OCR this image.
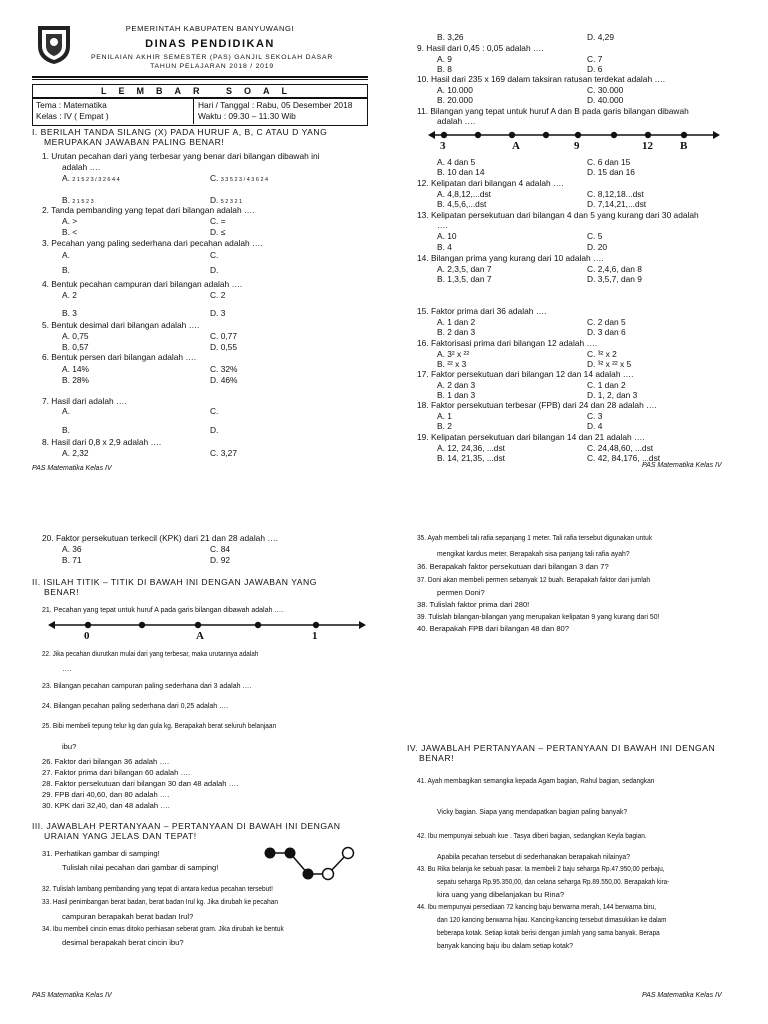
PEMERINTAH KABUPATEN BANYUWANGI
DINAS PENDIDIKAN
PENILAIAN AKHIR SEMESTER (PAS) GANJIL SEKOLAH DASAR
TAHUN PELAJARAN 2018 / 2019
LEMBAR SOAL
Tema : Matematika
Kelas : IV ( Empat )
Hari / Tanggal : Rabu, 05 Desember 2018
Waktu : 09.30 – 11.30 Wib
I. BERILAH TANDA SILANG (X) PADA HURUF A, B, C ATAU D YANG
MERUPAKAN JAWABAN PALING BENAR!
1. Urutan pecahan dari yang terbesar yang benar dari bilangan dibawah ini
adalah ….
A. 2 1 5 2 3 / 3 2 6 4 4
B. 2 1 5 2 3
C. 3 3 5 2 3 / 4 3 6 2 4
D. 5 2 3 2 1
2. Tanda pembanding yang tepat dari bilangan adalah ….
A. >
B. <
C. =
D. ≤
3. Pecahan yang paling sederhana dari pecahan adalah ….
A.
B.
C.
D.
4. Bentuk pecahan campuran dari bilangan adalah ….
A. 2
B. 3
C. 2
D. 3
5. Bentuk desimal dari bilangan adalah ….
A. 0,75
B. 0,57
C. 0,77
D. 0,55
6. Bentuk persen dari bilangan adalah ….
A. 14%
B. 28%
C. 32%
D. 46%
7. Hasil dari adalah ….
A.
B.
C.
D.
8. Hasil dari 0,8 x 2,9 adalah ….
A. 2,32	C. 3,27
PAS Matematika Kelas IV
B. 3,26	D. 4,29
9. Hasil dari 0,45 : 0,05 adalah ….
A. 9
B. 8
C. 7
D. 6
10. Hasil dari 235 x 169 dalam taksiran ratusan terdekat adalah ….
A. 10.000
B. 20.000
C. 30.000
D. 40.000
11. Bilangan yang tepat untuk huruf A dan B pada garis bilangan dibawah
adalah ….
3	A	9	12 B
A. 4 dan 5
B. 10 dan 14
C. 6 dan 15
D. 15 dan 16
12. Kelipatan dari bilangan 4 adalah ….
A. 4,8,12,...dst
B. 4,5,6,...dst
C. 8,12,18...dst
D. 7,14,21,...dst
13. Kelipatan persekutuan dari bilangan 4 dan 5 yang kurang dari 30 adalah
….
A. 10
B. 4
C. 5
D. 20
14. Bilangan prima yang kurang dari 10 adalah ….
A. 2,3,5, dan 7
B. 1,3,5, dan 7
C. 2,4,6, dan 8
D. 3,5,7, dan 9
15. Faktor prima dari 36 adalah ….
A. 1 dan 2
B. 2 dan 3
C. 2 dan 5
D. 3 dan 6
16. Faktorisasi prima dari bilangan 12 adalah ….
A. 3² x ²²
B. ²² x 3
C. ³² x 2
D. ³² x ²² x 5
17. Faktor persekutuan dari bilangan 12 dan 14 adalah ….
A. 2 dan 3
B. 1 dan 3
C. 1 dan 2
D. 1, 2, dan 3
18. Faktor persekutuan terbesar (FPB) dari 24 dan 28 adalah ….
A. 1
B. 2
C. 3
D. 4
19. Kelipatan persekutuan dari bilangan 14 dan 21 adalah ….
A. 12, 24,36, ...dst
B. 14, 21,35, ...dst
C. 24,48,60, ...dst
C. 42, 84,176, ...dst
PAS Matematika Kelas IV
20. Faktor persekutuan terkecil (KPK) dari 21 dan 28 adalah ….
A. 36
B. 71
C. 84
D. 92
II. ISILAH TITIK – TITIK DI BAWAH INI DENGAN JAWABAN YANG
BENAR!
21. Pecahan yang tepat untuk huruf A pada garis bilangan dibawah adalah ….
0	A	1
22. Jika pecahan diurutkan mulai dari yang terbesar, maka urutannya adalah
….
23. Bilangan pecahan campuran paling sederhana dari 3 adalah ….
24. Bilangan pecahan paling sederhana dari 0,25 adalah ….
25. Bibi membeli tepung telur kg dan gula kg. Berapakah berat seluruh belanjaan
ibu?
26. Faktor dari bilangan 36 adalah ….
27. Faktor prima dari bilangan 60 adalah ….
28. Faktor persekutuan dari bilangan 30 dan 48 adalah ….
29. FPB dari 40,60, dan 80 adalah ….
30. KPK dari 32,40, dan 48 adalah ….
III. JAWABLAH PERTANYAAN – PERTANYAAN DI BAWAH INI DENGAN
URAIAN YANG JELAS DAN TEPAT!
31. Perhatikan gambar di samping!
Tulislah nilai pecahan dari gambar di samping!
32. Tulislah lambang pembanding yang tepat di antara kedua pecahan tersebut!
33. Hasil penimbangan berat badan, berat badan Irul kg. Jika dirubah ke pecahan
campuran berapakah berat badan Irul?
34. Ibu membeli cincin emas ditoko perhiasan seberat gram. Jika dirubah ke bentuk
desimal berapakah berat cincin ibu?
PAS Matematika Kelas IV
35. Ayah membeli tali rafia sepanjang 1 meter. Tali rafia tersebut digunakan untuk
mengikat kardus meter. Berapakah sisa panjang tali rafia ayah?
36. Berapakah faktor persekutuan dari bilangan 3 dan 7?
37. Doni akan membeli permen sebanyak 12 buah. Berapakah faktor dari jumlah
permen Doni?
38. Tulislah faktor prima dari 280!
39. Tulislah bilangan-bilangan yang merupakan kelipatan 9 yang kurang dari 50!
40. Berapakah FPB dari bilangan 48 dan 80?
IV. JAWABLAH PERTANYAAN – PERTANYAAN DI BAWAH INI DENGAN
BENAR!
41. Ayah membagikan semangka kepada Agam bagian, Rahul bagian, sedangkan
Vicky bagian. Siapa yang mendapatkan bagian paling banyak?
42. Ibu mempunyai sebuah kue . Tasya diberi bagian, sedangkan Keyla bagian.
Apabila pecahan tersebut di sederhanakan berapakah nilainya?
43. Bu Rika belanja ke sebuah pasar. Ia membeli 2 baju seharga Rp.47.950,00 perbaju,
sepatu seharga Rp.95.350,00, dan celana seharga Rp.89.550,00. Berapakah kira-
kira uang yang dibelanjakan bu Rina?
44. Ibu mempunyai persediaan 72 kancing baju berwarna merah, 144 berwarna biru,
dan 120 kancing berwarna hijau. Kancing-kancing tersebut dimasukkan ke dalam
beberapa kotak. Setiap kotak berisi dengan jumlah yang sama banyak. Berapa
banyak kancing baju ibu dalam setiap kotak?
PAS Matematika Kelas IV
